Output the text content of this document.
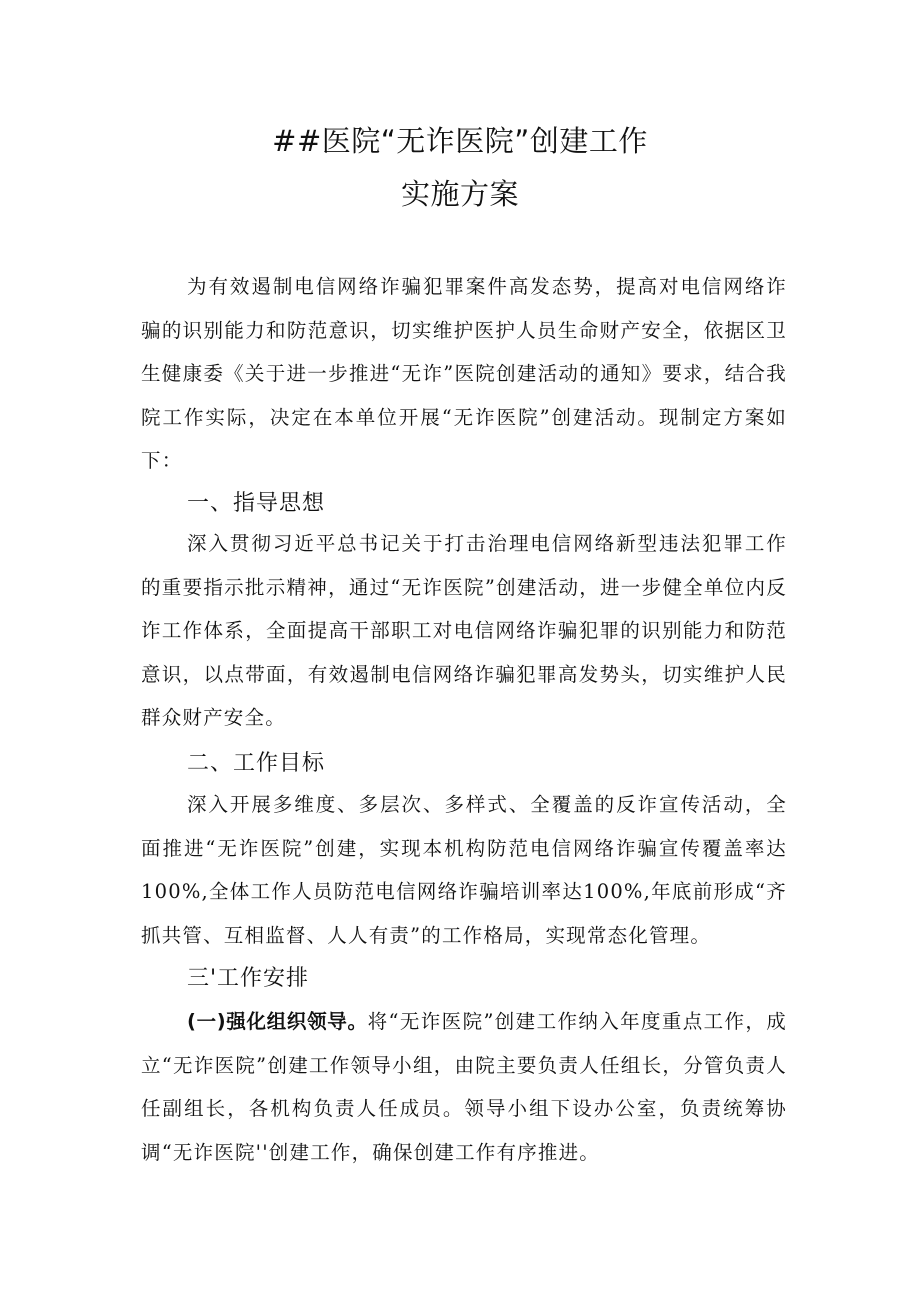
##医院“无诈医院”创建工作
实施方案

为有效遏制电信网络诈骗犯罪案件高发态势，提高对电信网络诈骗的识别能力和防范意识，切实维护医护人员生命财产安全，依据区卫生健康委《关于进一步推进“无诈”医院创建活动的通知》要求，结合我院工作实际，决定在本单位开展“无诈医院”创建活动。现制定方案如下：

一、指导思想

深入贯彻习近平总书记关于打击治理电信网络新型违法犯罪工作的重要指示批示精神，通过“无诈医院”创建活动，进一步健全单位内反诈工作体系，全面提高干部职工对电信网络诈骗犯罪的识别能力和防范意识，以点带面，有效遏制电信网络诈骗犯罪高发势头，切实维护人民群众财产安全。

二、工作目标

深入开展多维度、多层次、多样式、全覆盖的反诈宣传活动，全面推进“无诈医院”创建，实现本机构防范电信网络诈骗宣传覆盖率达100%,全体工作人员防范电信网络诈骗培训率达100%,年底前形成“齐抓共管、互相监督、人人有责”的工作格局，实现常态化管理。

三'工作安排

(一)强化组织领导。将“无诈医院”创建工作纳入年度重点工作，成立“无诈医院”创建工作领导小组，由院主要负责人任组长，分管负责人任副组长，各机构负责人任成员。领导小组下设办公室，负责统筹协调“无诈医院''创建工作，确保创建工作有序推进。
